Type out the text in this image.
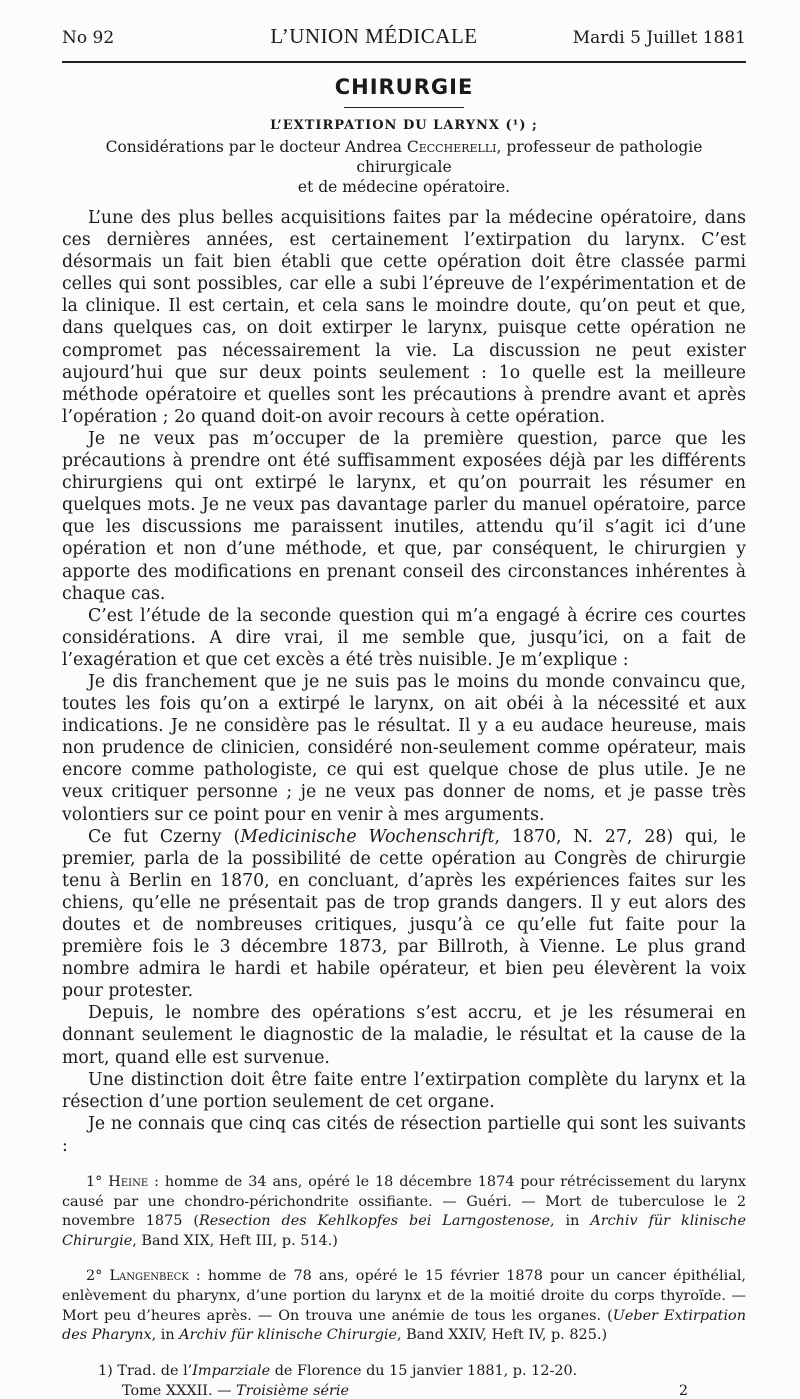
No 92	L’UNION MÉDICALE	Mardi 5 Juillet 1881
CHIRURGIE
L’EXTIRPATION DU LARYNX (¹) ;
Considérations par le docteur Andrea Ceccherelli, professeur de pathologie chirurgicale
et de médecine opératoire.

L’une des plus belles acquisitions faites par la médecine opératoire, dans ces dernières années, est certainement l’extirpation du larynx. C’est désormais un fait bien établi que cette opération doit être classée parmi celles qui sont possibles, car elle a subi l’épreuve de l’expérimentation et de la clinique. Il est certain, et cela sans le moindre doute, qu’on peut et que, dans quelques cas, on doit extirper le larynx, puisque cette opération ne compromet pas nécessairement la vie. La discussion ne peut exister aujourd’hui que sur deux points seulement : 1o quelle est la meilleure méthode opératoire et quelles sont les précautions à prendre avant et après l’opération ; 2o quand doit-on avoir recours à cette opération.

Je ne veux pas m’occuper de la première question, parce que les précautions à prendre ont été suffisamment exposées déjà par les différents chirurgiens qui ont extirpé le larynx, et qu’on pourrait les résumer en quelques mots. Je ne veux pas davantage parler du manuel opératoire, parce que les discussions me paraissent inutiles, attendu qu’il s’agit ici d’une opération et non d’une méthode, et que, par conséquent, le chirurgien y apporte des modifications en prenant conseil des circonstances inhérentes à chaque cas.

C’est l’étude de la seconde question qui m’a engagé à écrire ces courtes considérations. A dire vrai, il me semble que, jusqu’ici, on a fait de l’exagération et que cet excès a été très nuisible. Je m’explique :

Je dis franchement que je ne suis pas le moins du monde convaincu que, toutes les fois qu’on a extirpé le larynx, on ait obéi à la nécessité et aux indications. Je ne considère pas le résultat. Il y a eu audace heureuse, mais non prudence de clinicien, considéré non-seulement comme opérateur, mais encore comme pathologiste, ce qui est quelque chose de plus utile. Je ne veux critiquer personne ; je ne veux pas donner de noms, et je passe très volontiers sur ce point pour en venir à mes arguments.

Ce fut Czerny (Medicinische Wochenschrift, 1870, N. 27, 28) qui, le premier, parla de la possibilité de cette opération au Congrès de chirurgie tenu à Berlin en 1870, en concluant, d’après les expériences faites sur les chiens, qu’elle ne présentait pas de trop grands dangers. Il y eut alors des doutes et de nombreuses critiques, jusqu’à ce qu’elle fut faite pour la première fois le 3 décembre 1873, par Billroth, à Vienne. Le plus grand nombre admira le hardi et habile opérateur, et bien peu élevèrent la voix pour protester.

Depuis, le nombre des opérations s’est accru, et je les résumerai en donnant seulement le diagnostic de la maladie, le résultat et la cause de la mort, quand elle est survenue.

Une distinction doit être faite entre l’extirpation complète du larynx et la résection d’une portion seulement de cet organe.

Je ne connais que cinq cas cités de résection partielle qui sont les suivants :

1° Heine : homme de 34 ans, opéré le 18 décembre 1874 pour rétrécissement du larynx causé par une chondro-périchondrite ossifiante. — Guéri. — Mort de tuberculose le 2 novembre 1875 (Resection des Kehlkopfes bei Larngostenose, in Archiv für klinische Chirurgie, Band XIX, Heft III, p. 514.)

2° Langenbeck : homme de 78 ans, opéré le 15 février 1878 pour un cancer épithélial, enlèvement du pharynx, d’une portion du larynx et de la moitié droite du corps thyroïde. — Mort peu d’heures après. — On trouva une anémie de tous les organes. (Ueber Extirpation des Pharynx, in Archiv für klinische Chirurgie, Band XXIV, Heft IV, p. 825.)

1) Trad. de l’Imparziale de Florence du 15 janvier 1881, p. 12-20.
Tome XXXII. — Troisième série	2
